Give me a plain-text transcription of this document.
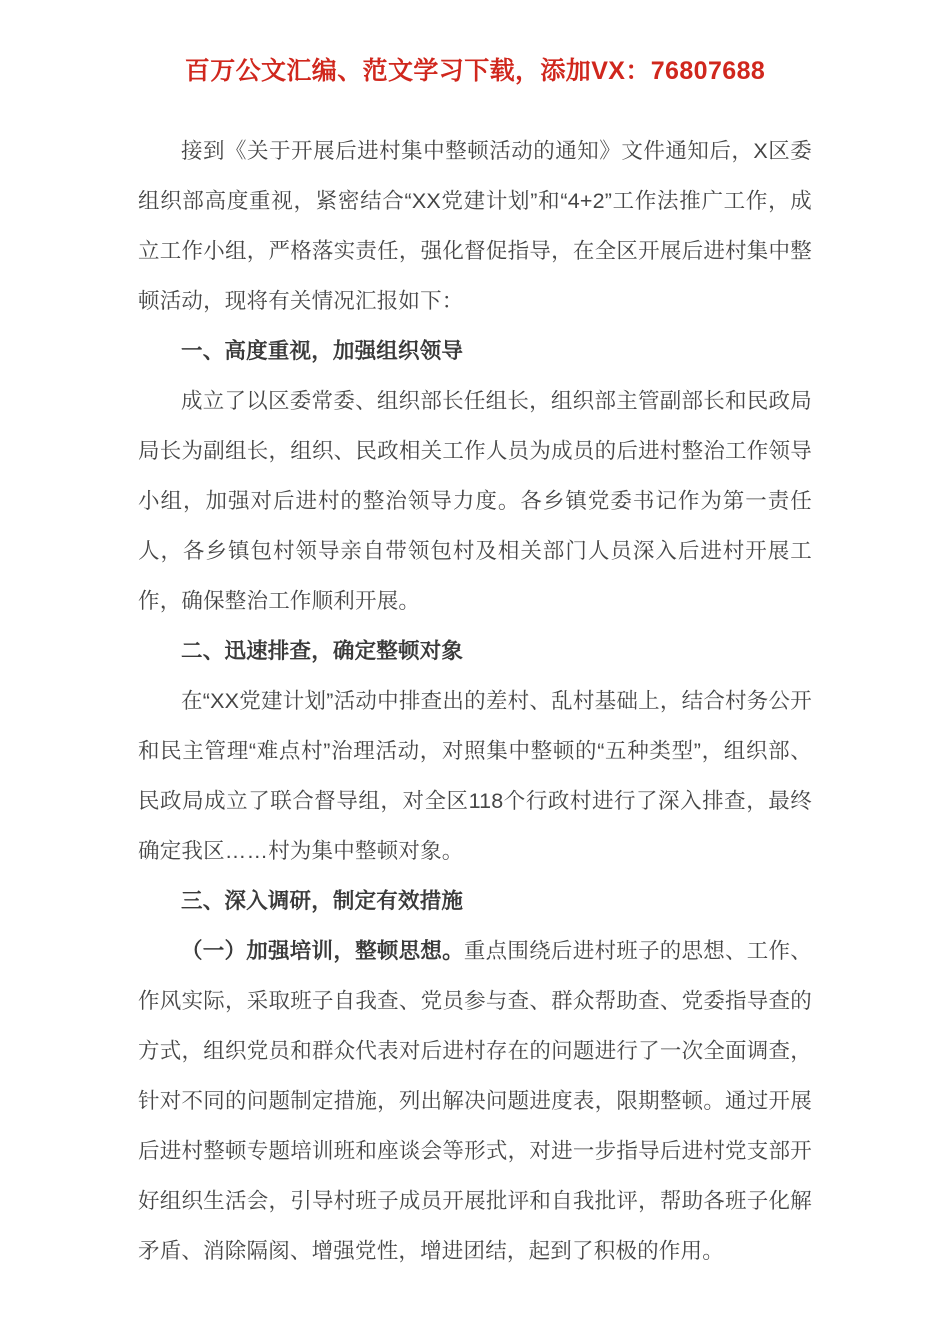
百万公文汇编、范文学习下载，添加VX：76807688

接到《关于开展后进村集中整顿活动的通知》文件通知后，X区委组织部高度重视，紧密结合“XX党建计划”和“4+2”工作法推广工作，成立工作小组，严格落实责任，强化督促指导，在全区开展后进村集中整顿活动，现将有关情况汇报如下：

一、高度重视，加强组织领导

成立了以区委常委、组织部长任组长，组织部主管副部长和民政局局长为副组长，组织、民政相关工作人员为成员的后进村整治工作领导小组，加强对后进村的整治领导力度。各乡镇党委书记作为第一责任人，各乡镇包村领导亲自带领包村及相关部门人员深入后进村开展工作，确保整治工作顺利开展。

二、迅速排查，确定整顿对象

在“XX党建计划”活动中排查出的差村、乱村基础上，结合村务公开和民主管理“难点村”治理活动，对照集中整顿的“五种类型”，组织部、民政局成立了联合督导组，对全区118个行政村进行了深入排查，最终确定我区……村为集中整顿对象。

三、深入调研，制定有效措施

（一）加强培训，整顿思想。重点围绕后进村班子的思想、工作、作风实际，采取班子自我查、党员参与查、群众帮助查、党委指导查的方式，组织党员和群众代表对后进村存在的问题进行了一次全面调查，针对不同的问题制定措施，列出解决问题进度表，限期整顿。通过开展后进村整顿专题培训班和座谈会等形式，对进一步指导后进村党支部开好组织生活会，引导村班子成员开展批评和自我批评，帮助各班子化解矛盾、消除隔阂、增强党性，增进团结，起到了积极的作用。
